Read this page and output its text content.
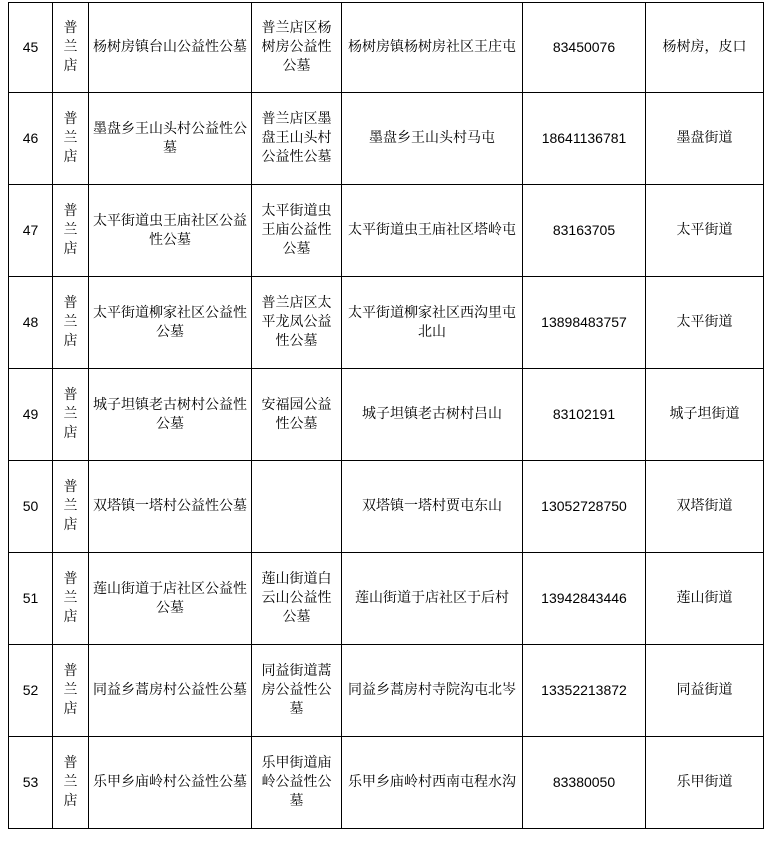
45	普兰店	杨树房镇台山公益性公墓	普兰店区杨树房公益性公墓	杨树房镇杨树房社区王庄屯	83450076	杨树房，皮口
46	普兰店	墨盘乡王山头村公益性公墓	普兰店区墨盘王山头村公益性公墓	墨盘乡王山头村马屯	18641136781	墨盘街道
47	普兰店	太平街道虫王庙社区公益性公墓	太平街道虫王庙公益性公墓	太平街道虫王庙社区塔岭屯	83163705	太平街道
48	普兰店	太平街道柳家社区公益性公墓	普兰店区太平龙凤公益性公墓	太平街道柳家社区西沟里屯北山	13898483757	太平街道
49	普兰店	城子坦镇老古树村公益性公墓	安福园公益性公墓	城子坦镇老古树村吕山	83102191	城子坦街道
50	普兰店	双塔镇一塔村公益性公墓		双塔镇一塔村贾屯东山	13052728750	双塔街道
51	普兰店	莲山街道于店社区公益性公墓	莲山街道白云山公益性公墓	莲山街道于店社区于后村	13942843446	莲山街道
52	普兰店	同益乡蒿房村公益性公墓	同益街道蒿房公益性公墓	同益乡蒿房村寺院沟屯北岑	13352213872	同益街道
53	普兰店	乐甲乡庙岭村公益性公墓	乐甲街道庙岭公益性公墓	乐甲乡庙岭村西南屯程水沟	83380050	乐甲街道
